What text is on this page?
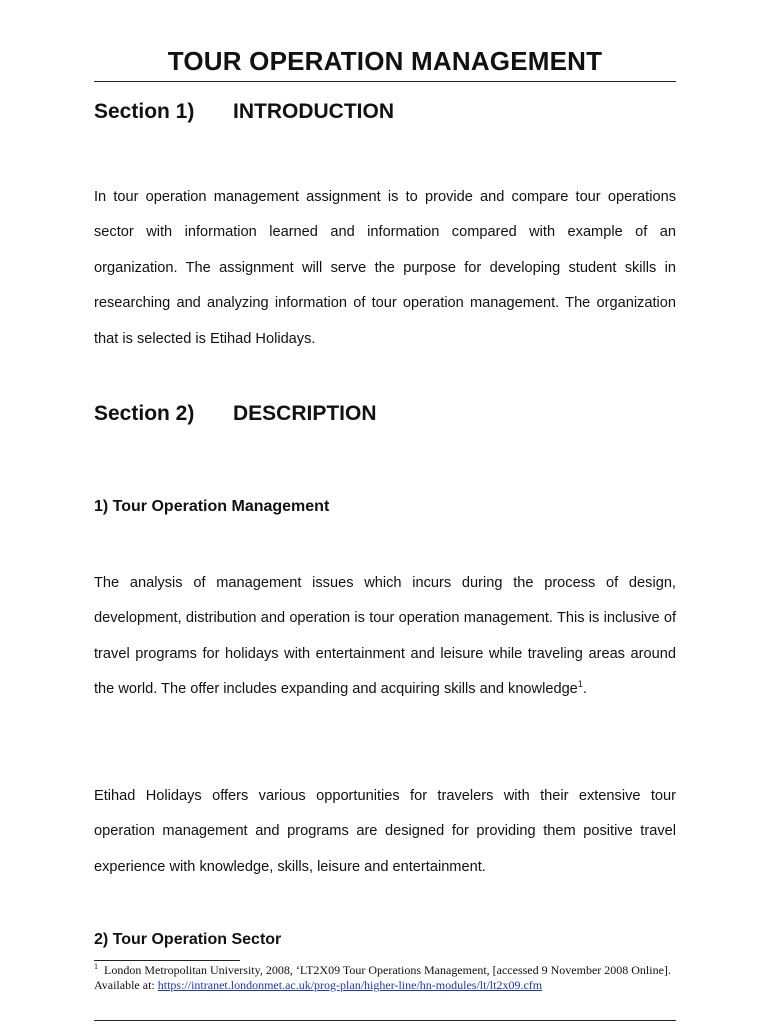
TOUR OPERATION MANAGEMENT
Section 1) INTRODUCTION

In tour operation management assignment is to provide and compare tour operations sector with information learned and information compared with example of an organization. The assignment will serve the purpose for developing student skills in researching and analyzing information of tour operation management. The organization that is selected is Etihad Holidays.

Section 2) DESCRIPTION
1) Tour Operation Management

The analysis of management issues which incurs during the process of design, development, distribution and operation is tour operation management. This is inclusive of travel programs for holidays with entertainment and leisure while traveling areas around the world. The offer includes expanding and acquiring skills and knowledge$^1$.

Etihad Holidays offers various opportunities for travelers with their extensive tour operation management and programs are designed for providing them positive travel experience with knowledge, skills, leisure and entertainment.

2) Tour Operation Sector

$^1$ London Metropolitan University, 2008, ‘LT2X09 Tour Operations Management, [accessed 9 November 2008 Online]. Available at: https://intranet.londonmet.ac.uk/prog-plan/higher-line/hn-modules/lt/lt2x09.cfm
